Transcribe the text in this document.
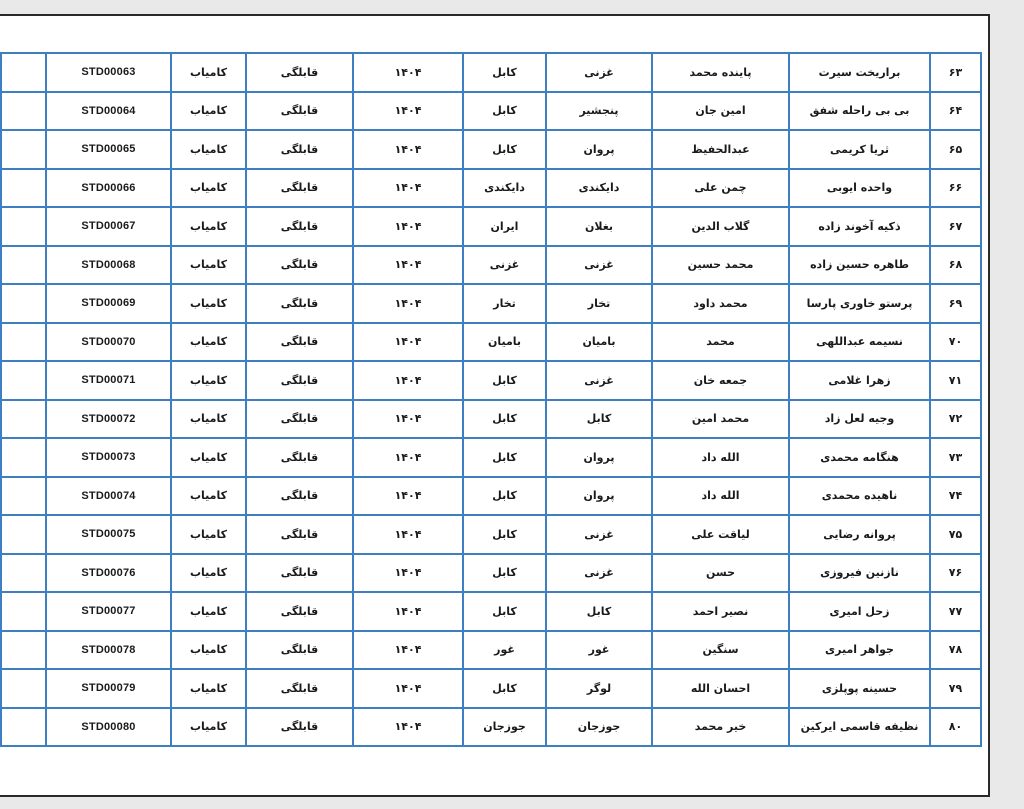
	STD00063	کامیاب	قابلگی	۱۴۰۴	کابل	غزنی	پاینده محمد	براریخت سیرت	۶۳
	STD00064	کامیاب	قابلگی	۱۴۰۴	کابل	پنجشیر	امین جان	بی بی راحله شفق	۶۴
	STD00065	کامیاب	قابلگی	۱۴۰۴	کابل	پروان	عبدالحفیظ	ثریا کریمی	۶۵
	STD00066	کامیاب	قابلگی	۱۴۰۴	دایکندی	دایکندی	چمن علی	واحده ایوبی	۶۶
	STD00067	کامیاب	قابلگی	۱۴۰۴	ایران	بغلان	گلاب الدین	ذکیه آخوند زاده	۶۷
	STD00068	کامیاب	قابلگی	۱۴۰۴	غزنی	غزنی	محمد حسین	طاهره حسین زاده	۶۸
	STD00069	کامیاب	قابلگی	۱۴۰۴	تخار	تخار	محمد داود	پرستو خاوری پارسا	۶۹
	STD00070	کامیاب	قابلگی	۱۴۰۴	بامیان	بامیان	محمد	نسیمه عبداللهی	۷۰
	STD00071	کامیاب	قابلگی	۱۴۰۴	کابل	غزنی	جمعه خان	زهرا غلامی	۷۱
	STD00072	کامیاب	قابلگی	۱۴۰۴	کابل	کابل	محمد امین	وجیه لعل زاد	۷۲
	STD00073	کامیاب	قابلگی	۱۴۰۴	کابل	پروان	الله داد	هنگامه محمدی	۷۳
	STD00074	کامیاب	قابلگی	۱۴۰۴	کابل	پروان	الله داد	ناهیده محمدی	۷۴
	STD00075	کامیاب	قابلگی	۱۴۰۴	کابل	غزنی	لیاقت علی	پروانه رضایی	۷۵
	STD00076	کامیاب	قابلگی	۱۴۰۴	کابل	غزنی	حسن	نازنین فیروزی	۷۶
	STD00077	کامیاب	قابلگی	۱۴۰۴	کابل	کابل	نصیر احمد	زحل امیری	۷۷
	STD00078	کامیاب	قابلگی	۱۴۰۴	غور	غور	سنگین	جواهر امیری	۷۸
	STD00079	کامیاب	قابلگی	۱۴۰۴	کابل	لوگر	احسان الله	حسینه پوپلزی	۷۹
	STD00080	کامیاب	قابلگی	۱۴۰۴	جوزجان	جوزجان	خیر محمد	نظیفه قاسمی ایرکین	۸۰
